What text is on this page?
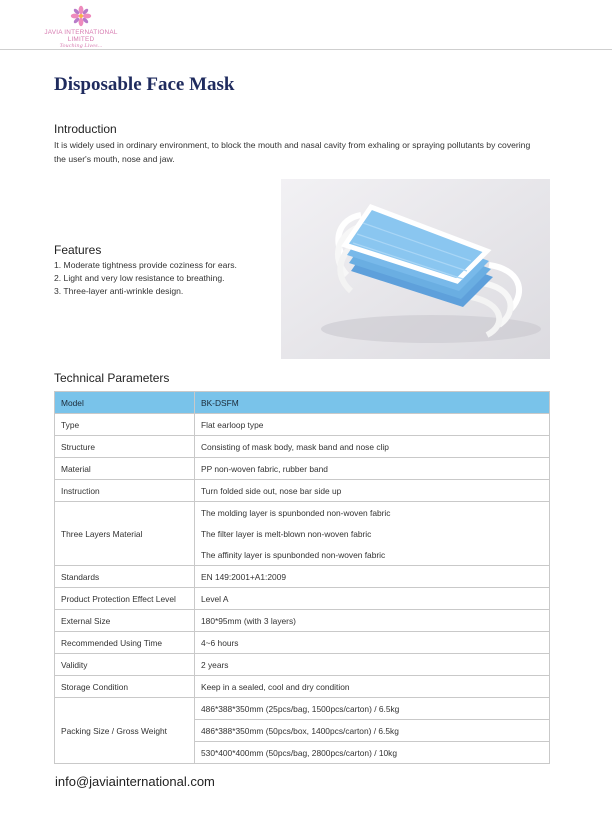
JAVIA INTERNATIONAL LIMITED
Touching Lives...
Disposable Face Mask
Introduction

It is widely used in ordinary environment, to block the mouth and nasal cavity from exhaling or spraying pollutants by covering the user's mouth, nose and jaw.

Features
1. Moderate tightness provide coziness for ears.
2. Light and very low resistance to breathing.
3. Three-layer anti-wrinkle design.
Technical Parameters
Model	BK-DSFM
Type	Flat earloop type
Structure	Consisting of mask body, mask band and nose clip
Material	PP non-woven fabric, rubber band
Instruction	Turn folded side out, nose bar side up
Three Layers Material	The molding layer is spunbonded non-woven fabric
	The filter layer is melt-blown non-woven fabric
	The affinity layer is spunbonded non-woven fabric
Standards	EN 149:2001+A1:2009
Product Protection Effect Level	Level A
External Size	180*95mm (with 3 layers)
Recommended Using Time	4~6 hours
Validity	2 years
Storage Condition	Keep in a sealed, cool and dry condition
Packing Size / Gross Weight	486*388*350mm (25pcs/bag, 1500pcs/carton) / 6.5kg
	486*388*350mm (50pcs/box, 1400pcs/carton) / 6.5kg
	530*400*400mm (50pcs/bag, 2800pcs/carton) / 10kg
info@javiainternational.com
